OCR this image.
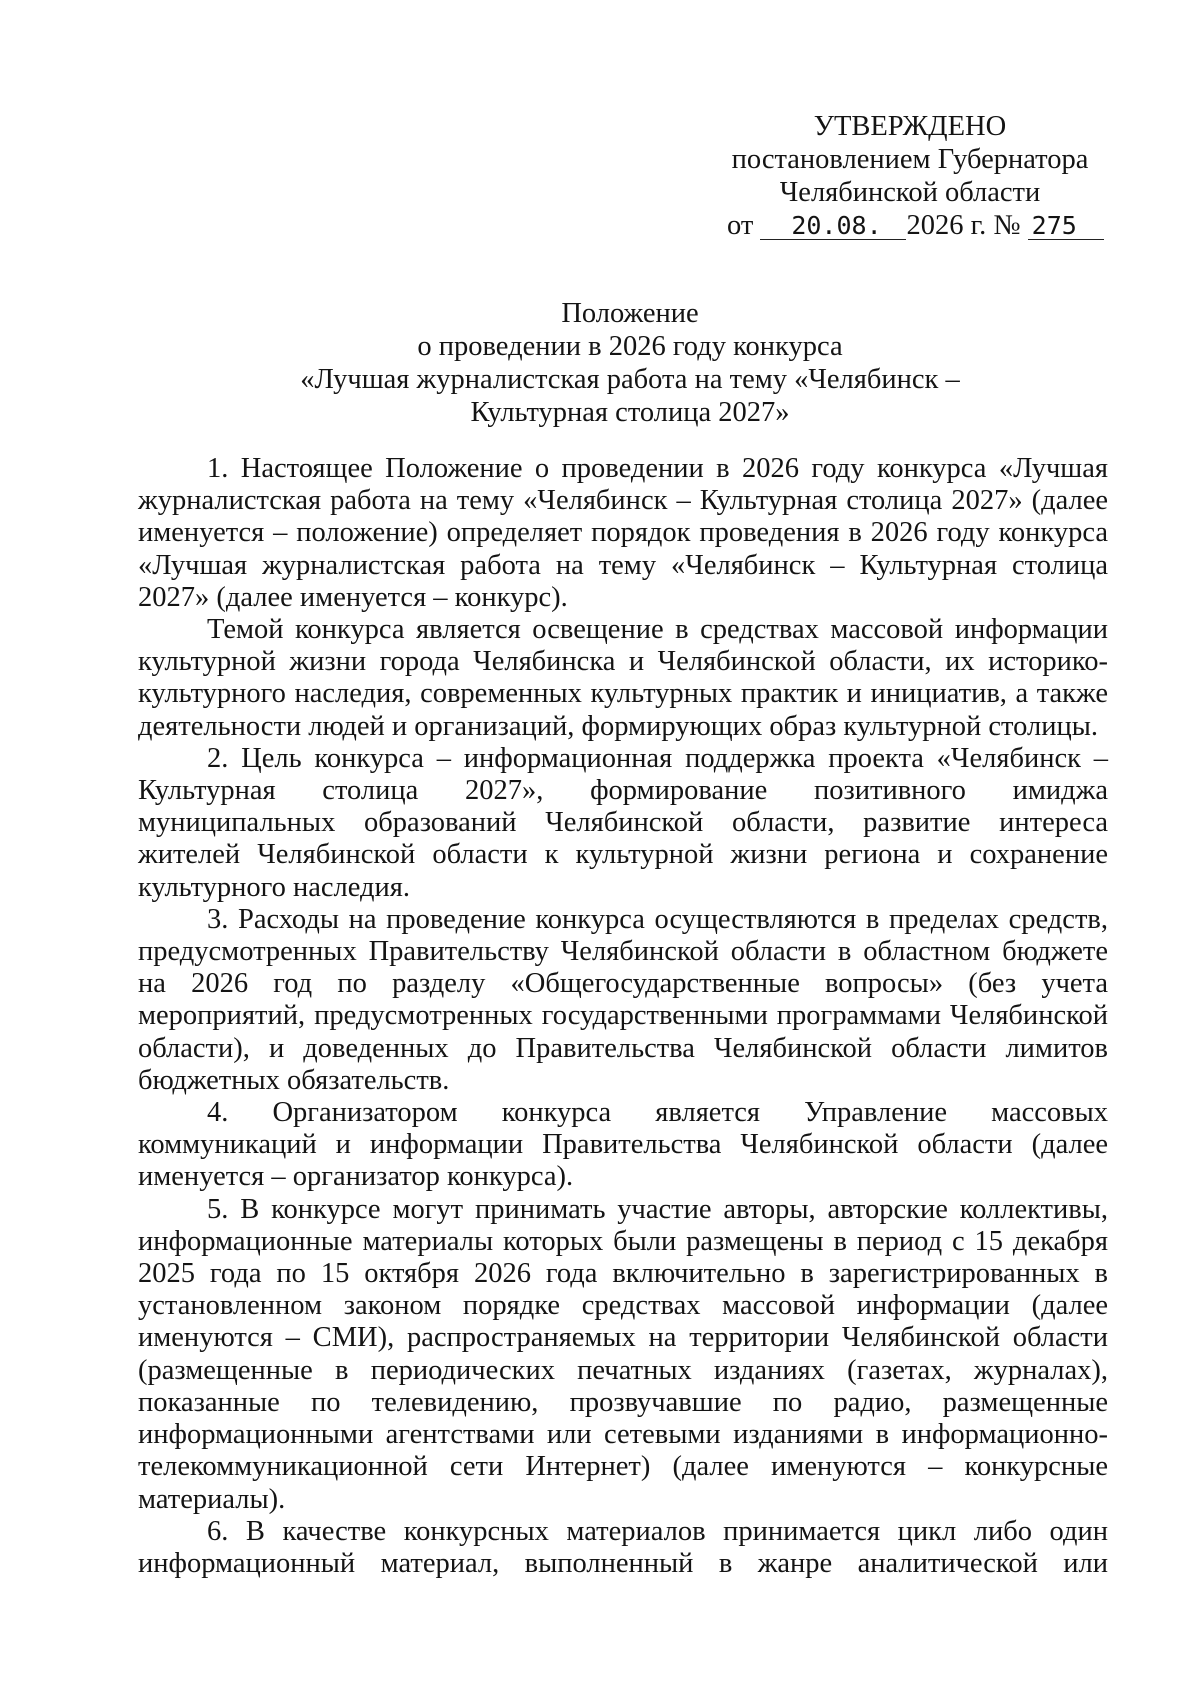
УТВЕРЖДЕНО
постановлением Губернатора
Челябинской области
от 20.08. 2026 г. № 275
Положение
о проведении в 2026 году конкурса
«Лучшая журналистская работа на тему «Челябинск –
Культурная столица 2027»

1. Настоящее Положение о проведении в 2026 году конкурса «Лучшая журналистская работа на тему «Челябинск – Культурная столица 2027» (далее именуется – положение) определяет порядок проведения в 2026 году конкурса «Лучшая журналистская работа на тему «Челябинск – Культурная столица 2027» (далее именуется – конкурс).

Темой конкурса является освещение в средствах массовой информации культурной жизни города Челябинска и Челябинской области, их историко-культурного наследия, современных культурных практик и инициатив, а также деятельности людей и организаций, формирующих образ культурной столицы.

2. Цель конкурса – информационная поддержка проекта «Челябинск – Культурная столица 2027», формирование позитивного имиджа муниципальных образований Челябинской области, развитие интереса жителей Челябинской области к культурной жизни региона и сохранение культурного наследия.

3. Расходы на проведение конкурса осуществляются в пределах средств, предусмотренных Правительству Челябинской области в областном бюджете на 2026 год по разделу «Общегосударственные вопросы» (без учета мероприятий, предусмотренных государственными программами Челябинской области), и доведенных до Правительства Челябинской области лимитов бюджетных обязательств.

4. Организатором конкурса является Управление массовых коммуникаций и информации Правительства Челябинской области (далее именуется – организатор конкурса).

5. В конкурсе могут принимать участие авторы, авторские коллективы, информационные материалы которых были размещены в период с 15 декабря 2025 года по 15 октября 2026 года включительно в зарегистрированных в установленном законом порядке средствах массовой информации (далее именуются – СМИ), распространяемых на территории Челябинской области (размещенные в периодических печатных изданиях (газетах, журналах), показанные по телевидению, прозвучавшие по радио, размещенные информационными агентствами или сетевыми изданиями в информационно-телекоммуникационной сети Интернет) (далее именуются – конкурсные материалы).

6. В качестве конкурсных материалов принимается цикл либо один информационный материал, выполненный в жанре аналитической или
